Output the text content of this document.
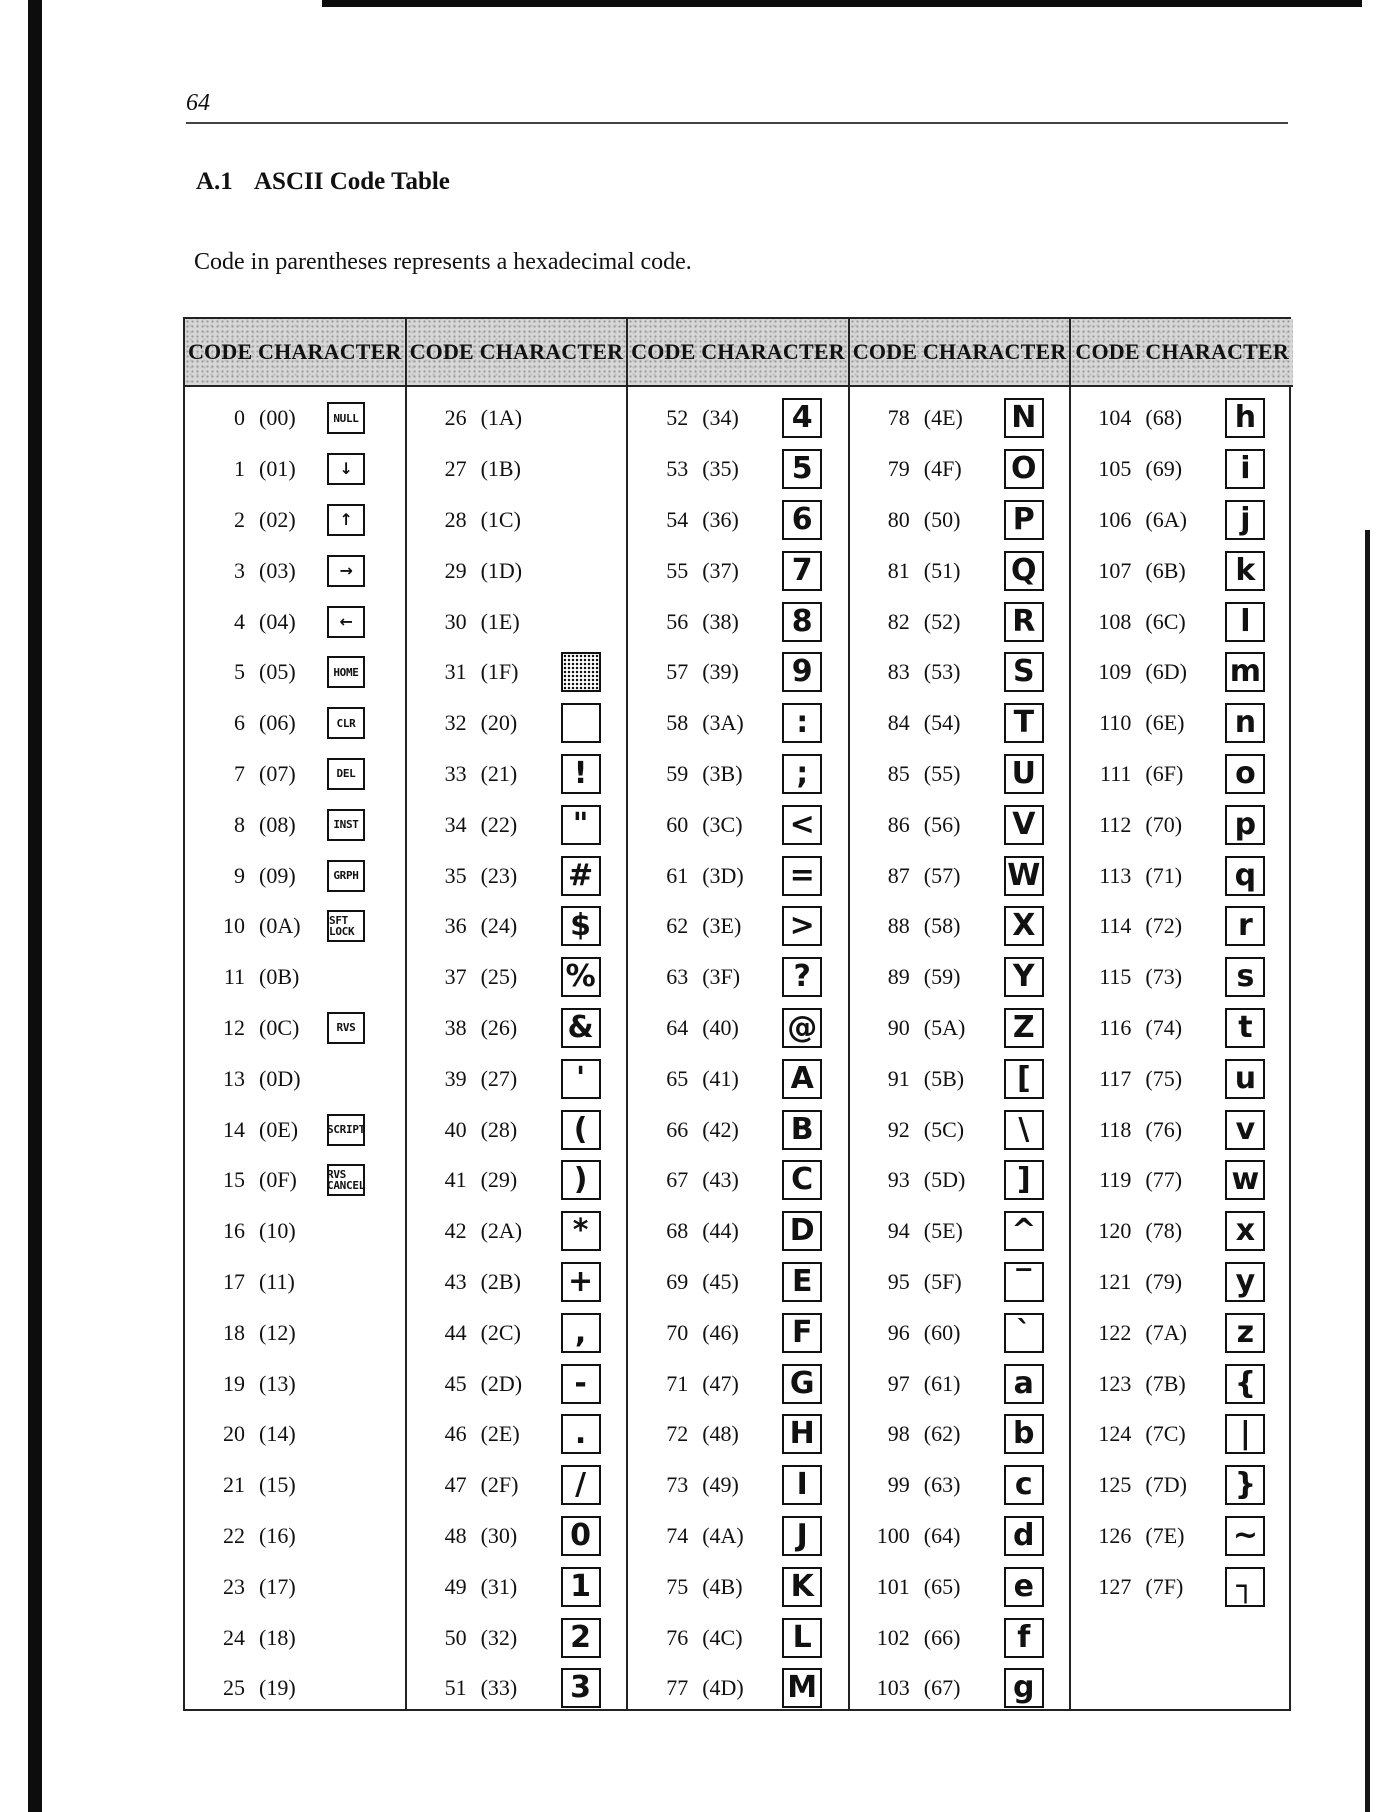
64
A.1 ASCII Code Table
Code in parentheses represents a hexadecimal code.
CODE CHARACTER
0 (00)	NULL
1 (01)	↓
2 (02)	↑
3 (03)	→
4 (04)	←
5 (05)	HOME
6 (06)	CLR
7 (07)	DEL
8 (08)	INST
9 (09)	GRPH
10 (0A)	SFT LOCK
11 (0B)
12 (0C)	RVS
13 (0D)
14 (0E)	SCRIPT
15 (0F)	RVS CANCEL
16 (10)
17 (11)
18 (12)
19 (13)
20 (14)
21 (15)
22 (16)
23 (17)
24 (18)
25 (19)
CODE CHARACTER
26 (1A)
27 (1B)
28 (1C)
29 (1D)
30 (1E)
31 (1F)
32 (20)
33 (21)	!
34 (22)	"
35 (23) #
36 (24)	$
37 (25) %
38 (26) &
39 (27)	'
40 (28)	(
41 (29)	)
42 (2A)	*
43 (2B) +
44 (2C)	,
45 (2D)	-
46 (2E)	.
47 (2F)	/
48 (30)	0
49 (31)	1
50 (32)	2
51 (33)	3
CODE CHARACTER
52 (34)	4
53 (35)	5
54 (36)	6
55 (37)	7
56 (38)	8
57 (39)	9
58 (3A)	:
59 (3B)	;
60 (3C) <
61 (3D) =
62 (3E) >
63 (3F)	?
64 (40) @
65 (41) A
66 (42) B
67 (43) C
68 (44) D
69 (45)	E
70 (46)	F
71 (47) G
72 (48) H
73 (49)	I
74 (4A)	J
75 (4B) K
76 (4C)	L
77 (4D) M
CODE CHARACTER
78 (4E) N
79 (4F) O
80 (50)	P
81 (51) Q
82 (52) R
83 (53)	S
84 (54)	T
85 (55) U
86 (56) V
87 (57) W
88 (58) X
89 (59)	Y
90 (5A)	Z
91 (5B)	[
92 (5C)	\
93 (5D)	]
94 (5E) ^
95 (5F)	‾
96 (60)	`
97 (61)	a
98 (62)	b
99 (63)	c
100 (64)	d
101 (65)	e
102 (66)	f
103 (67)	g
CODE CHARACTER
104 (68)	h
105 (69)	i
106 (6A)	j
107 (6B)	k
108 (6C)	l
109 (6D) m
110 (6E)	n
111 (6F)	o
112 (70)	p
113 (71)	q
114 (72)	r
115 (73)	s
116 (74)	t
117 (75)	u
118 (76)	v
119 (77) w
120 (78)	x
121 (79)	y
122 (7A)	z
123 (7B)	{
124 (7C)	|
125 (7D)	}
126 (7E) ~
127 (7F)	┐
